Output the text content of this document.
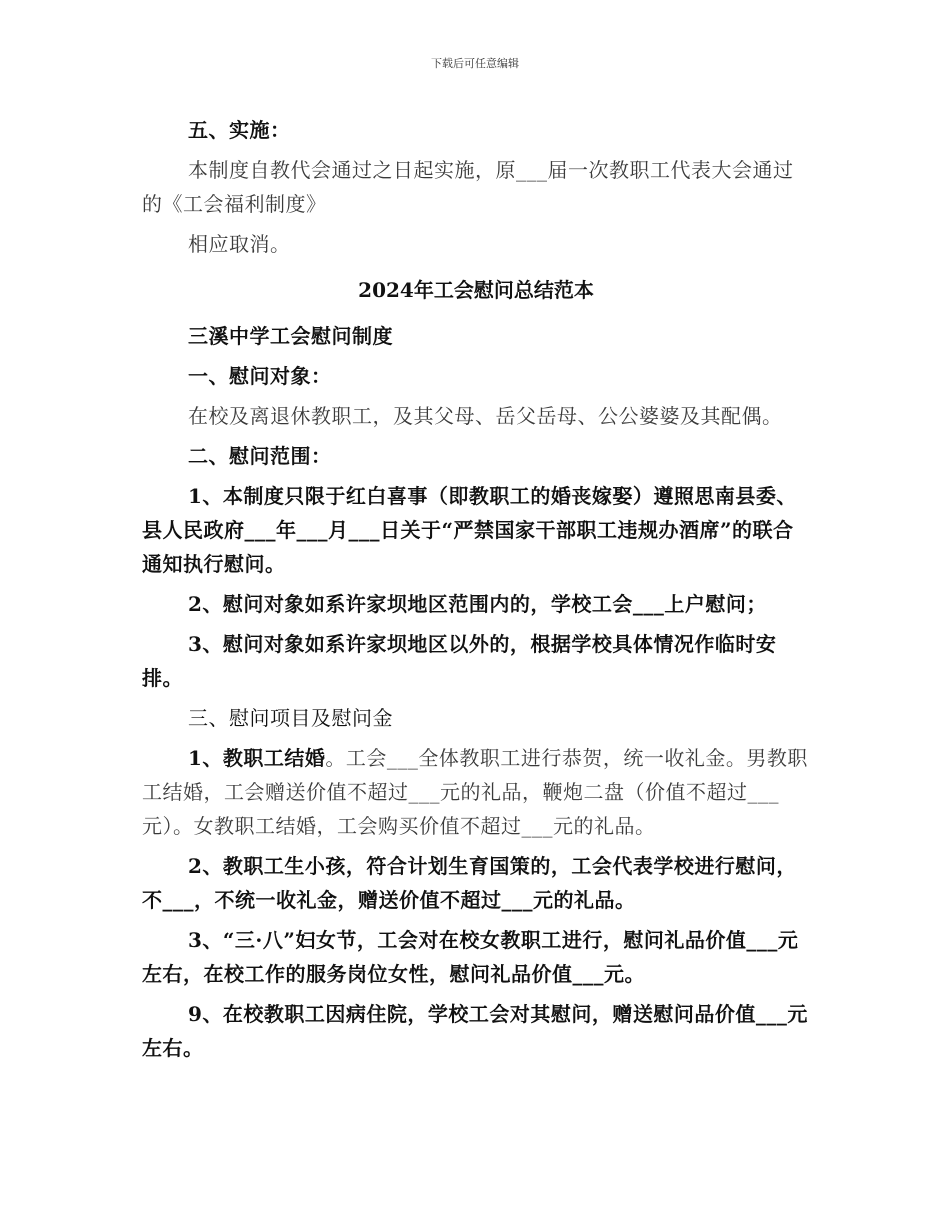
下载后可任意编辑

五、实施：

本制度自教代会通过之日起实施，原___届一次教职工代表大会通过的《工会福利制度》

相应取消。

2024年工会慰问总结范本

三溪中学工会慰问制度

一、慰问对象：

在校及离退休教职工，及其父母、岳父岳母、公公婆婆及其配偶。

二、慰问范围：

1、本制度只限于红白喜事（即教职工的婚丧嫁娶）遵照思南县委、县人民政府___年___月___日关于“严禁国家干部职工违规办酒席”的联合通知执行慰问。

2、慰问对象如系许家坝地区范围内的，学校工会___上户慰问；

3、慰问对象如系许家坝地区以外的，根据学校具体情况作临时安排。

三、慰问项目及慰问金

1、教职工结婚。工会___全体教职工进行恭贺，统一收礼金。男教职工结婚，工会赠送价值不超过___元的礼品，鞭炮二盘（价值不超过___元）。女教职工结婚，工会购买价值不超过___元的礼品。

2、教职工生小孩，符合计划生育国策的，工会代表学校进行慰问，不___，不统一收礼金，赠送价值不超过___元的礼品。

3、“三·八”妇女节，工会对在校女教职工进行，慰问礼品价值___元左右，在校工作的服务岗位女性，慰问礼品价值___元。

9、在校教职工因病住院，学校工会对其慰问，赠送慰问品价值___元左右。
